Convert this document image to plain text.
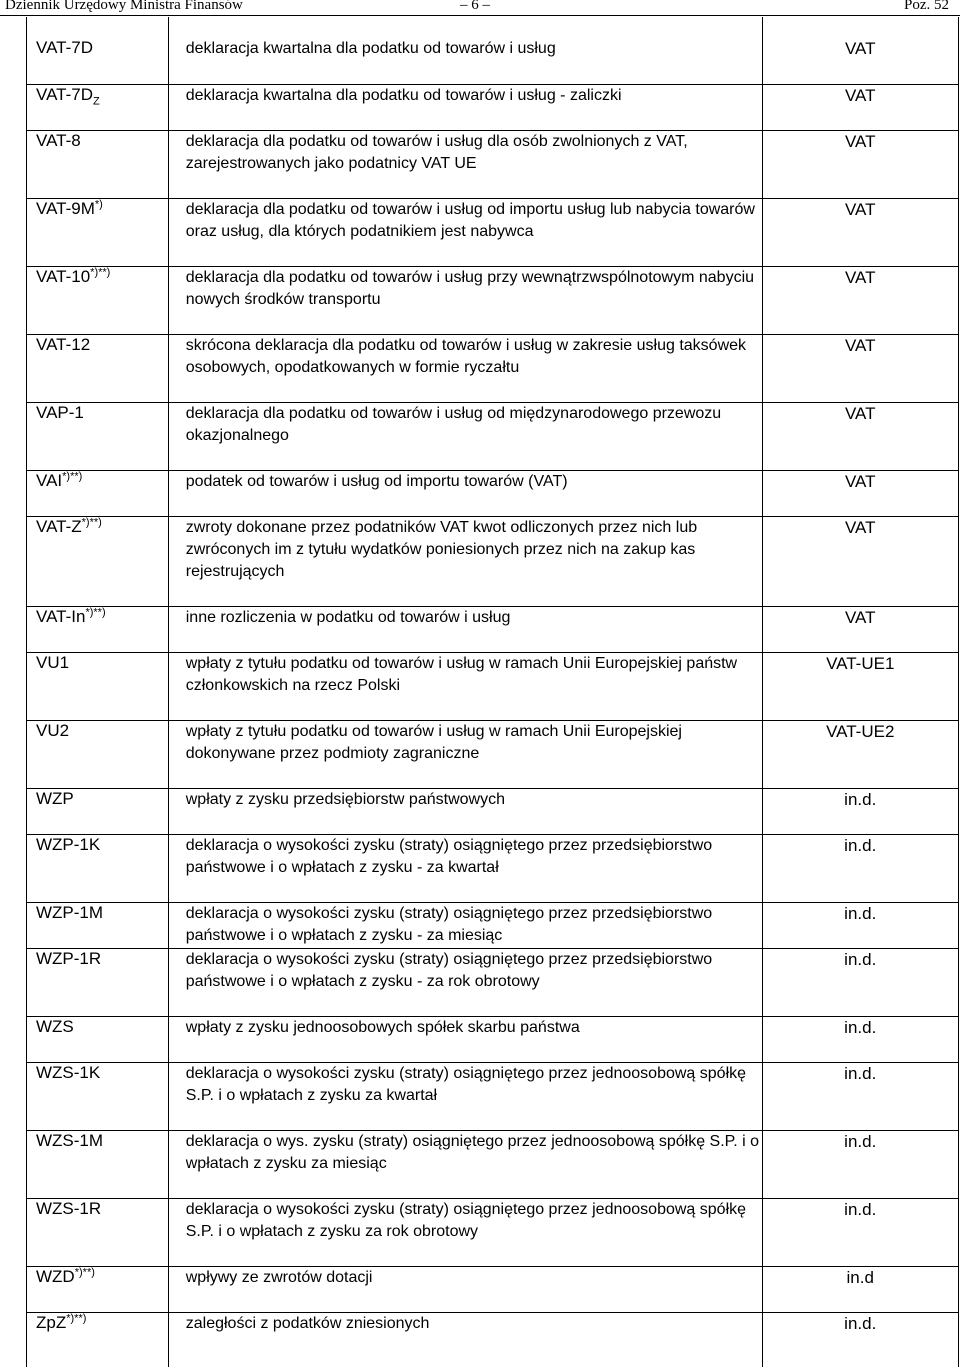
Dziennik Urzędowy Ministra Finansów	– 6 –	Poz. 52
VAT-7D	deklaracja kwartalna dla podatku od towarów i usług	VAT
VAT-$7D_Z$	deklaracja kwartalna dla podatku od towarów i usług - zaliczki	VAT
VAT-8	deklaracja dla podatku od towarów i usług dla osób zwolnionych z VAT, zarejestrowanych jako podatnicy VAT UE	VAT
VAT-9M*)	deklaracja dla podatku od towarów i usług od importu usług lub nabycia towarów oraz usług, dla których podatnikiem jest nabywca	VAT
VAT-10*)**)	deklaracja dla podatku od towarów i usług przy wewnątrzwspólnotowym nabyciu nowych środków transportu	VAT
VAT-12	skrócona deklaracja dla podatku od towarów i usług w zakresie usług taksówek osobowych, opodatkowanych w formie ryczałtu	VAT
VAP-1	deklaracja dla podatku od towarów i usług od międzynarodowego przewozu okazjonalnego	VAT
VAI*)**)	podatek od towarów i usług od importu towarów (VAT)	VAT
VAT-Z*)**)	zwroty dokonane przez podatników VAT kwot odliczonych przez nich lub zwróconych im z tytułu wydatków poniesionych przez nich na zakup kas rejestrujących	VAT
VAT-In*)**)	inne rozliczenia w podatku od towarów i usług	VAT
VU1	wpłaty z tytułu podatku od towarów i usług w ramach Unii Europejskiej państw członkowskich na rzecz Polski	VAT-UE1
VU2	wpłaty z tytułu podatku od towarów i usług w ramach Unii Europejskiej dokonywane przez podmioty zagraniczne	VAT-UE2
WZP	wpłaty z zysku przedsiębiorstw państwowych	in.d.
WZP-1K	deklaracja o wysokości zysku (straty) osiągniętego przez przedsiębiorstwo państwowe i o wpłatach z zysku - za kwartał	in.d.
WZP-1M	deklaracja o wysokości zysku (straty) osiągniętego przez przedsiębiorstwo państwowe i o wpłatach z zysku - za miesiąc	in.d.
WZP-1R	deklaracja o wysokości zysku (straty) osiągniętego przez przedsiębiorstwo państwowe i o wpłatach z zysku - za rok obrotowy	in.d.
WZS	wpłaty z zysku jednoosobowych spółek skarbu państwa	in.d.
WZS-1K	deklaracja o wysokości zysku (straty) osiągniętego przez jednoosobową spółkę S.P. i o wpłatach z zysku za kwartał	in.d.
WZS-1M	deklaracja o wys. zysku (straty) osiągniętego przez jednoosobową spółkę S.P. i o wpłatach z zysku za miesiąc	in.d.
WZS-1R	deklaracja o wysokości zysku (straty) osiągniętego przez jednoosobową spółkę S.P. i o wpłatach z zysku za rok obrotowy	in.d.
WZD*)**)	wpływy ze zwrotów dotacji	in.d
ZpZ*)**)	zaległości z podatków zniesionych	in.d.
